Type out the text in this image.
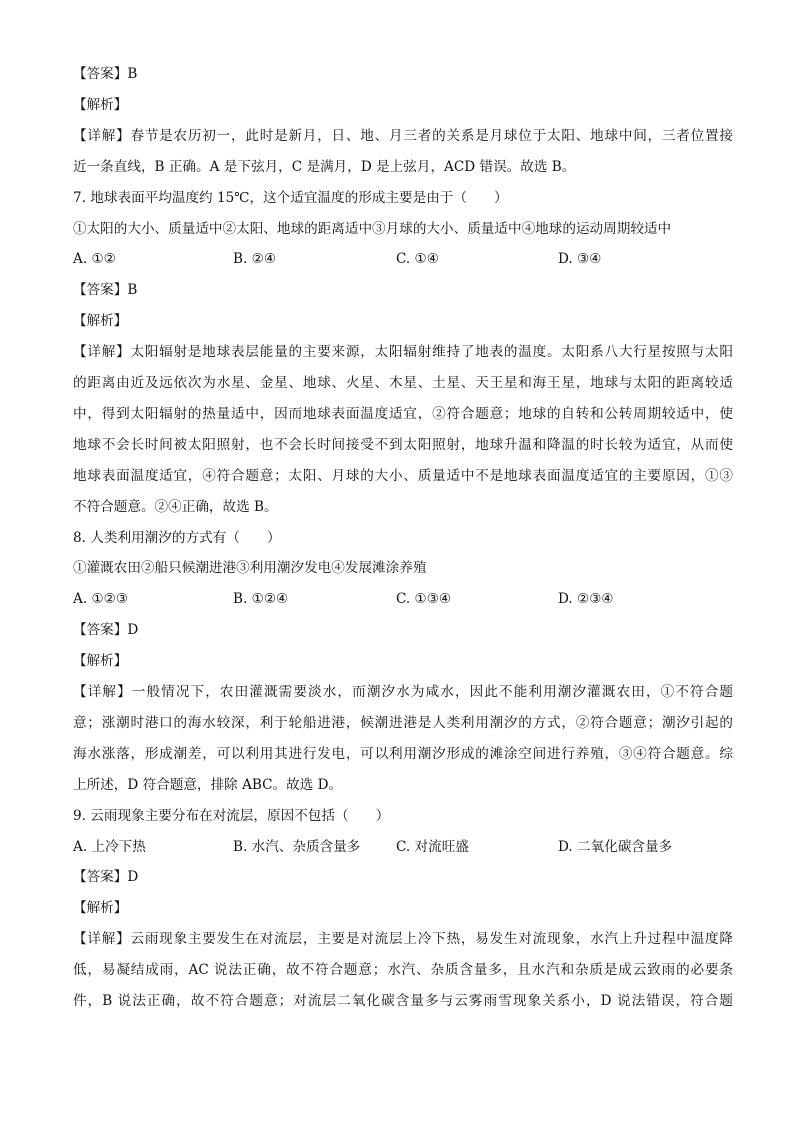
【答案】B
【解析】
【详解】春节是农历初一，此时是新月，日、地、月三者的关系是月球位于太阳、地球中间，三者位置接
近一条直线，B 正确。A 是下弦月，C 是满月，D 是上弦月，ACD 错误。故选 B。
7. 地球表面平均温度约 15℃，这个适宜温度的形成主要是由于（　　）
①太阳的大小、质量适中②太阳、地球的距离适中③月球的大小、质量适中④地球的运动周期较适中
A. ①②	B. ②④	C. ①④	D. ③④
【答案】B
【解析】
【详解】太阳辐射是地球表层能量的主要来源，太阳辐射维持了地表的温度。太阳系八大行星按照与太阳
的距离由近及远依次为水星、金星、地球、火星、木星、土星、天王星和海王星，地球与太阳的距离较适
中，得到太阳辐射的热量适中，因而地球表面温度适宜，②符合题意；地球的自转和公转周期较适中，使
地球不会长时间被太阳照射，也不会长时间接受不到太阳照射，地球升温和降温的时长较为适宜，从而使
地球表面温度适宜，④符合题意；太阳、月球的大小、质量适中不是地球表面温度适宜的主要原因，①③
不符合题意。②④正确，故选 B。
8. 人类利用潮汐的方式有（　　）
①灌溉农田②船只候潮进港③利用潮汐发电④发展滩涂养殖
A. ①②③	B. ①②④	C. ①③④	D. ②③④
【答案】D
【解析】
【详解】一般情况下，农田灌溉需要淡水，而潮汐水为咸水，因此不能利用潮汐灌溉农田，①不符合题
意；涨潮时港口的海水较深，利于轮船进港，候潮进港是人类利用潮汐的方式，②符合题意；潮汐引起的
海水涨落，形成潮差，可以利用其进行发电，可以利用潮汐形成的滩涂空间进行养殖，③④符合题意。综
上所述，D 符合题意，排除 ABC。故选 D。
9. 云雨现象主要分布在对流层，原因不包括（　　）
A. 上冷下热	B. 水汽、杂质含量多	C. 对流旺盛	D. 二氧化碳含量多
【答案】D
【解析】
【详解】云雨现象主要发生在对流层，主要是对流层上冷下热，易发生对流现象，水汽上升过程中温度降
低，易凝结成雨，AC 说法正确，故不符合题意；水汽、杂质含量多，且水汽和杂质是成云致雨的必要条
件，B 说法正确，故不符合题意；对流层二氧化碳含量多与云雾雨雪现象关系小，D 说法错误，符合题
